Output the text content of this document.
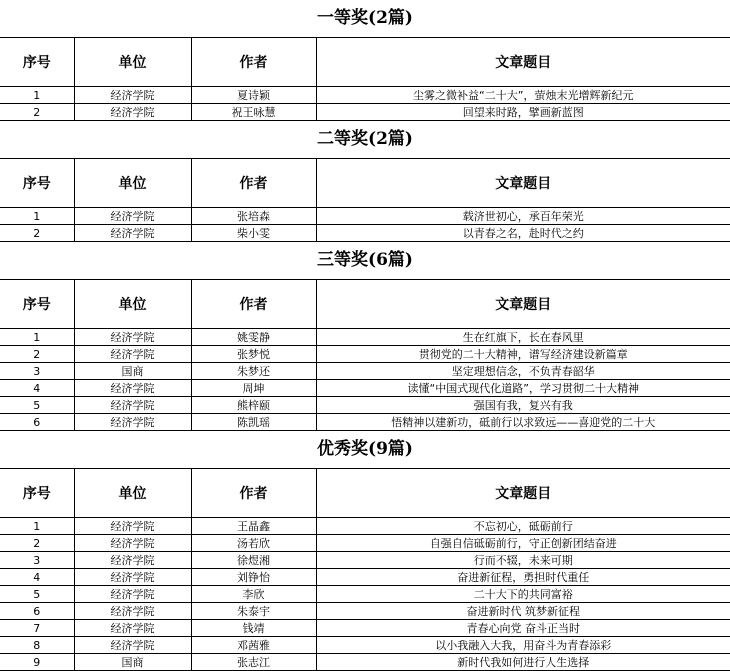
一等奖(2篇)
序号	单位	作者	文章题目
1	经济学院	夏诗颖	尘雾之微补益“二十大”，萤烛末光增辉新纪元
2	经济学院	祝王咏慧	回望来时路，擘画新蓝图
二等奖(2篇)
序号	单位	作者	文章题目
1	经济学院	张培森	载济世初心，承百年荣光
2	经济学院	柴小雯	以青春之名，赴时代之约
三等奖(6篇)
序号	单位	作者	文章题目
1	经济学院	姚雯静	生在红旗下，长在春风里
2	经济学院	张梦悦	贯彻党的二十大精神，谱写经济建设新篇章
3	国商	朱梦还	坚定理想信念，不负青春韶华
4	经济学院	周坤	读懂“中国式现代化道路”，学习贯彻二十大精神
5	经济学院	熊梓颐	强国有我，复兴有我
6	经济学院	陈凯瑶	悟精神以建新功，砥前行以求致远——喜迎党的二十大
优秀奖(9篇)
序号	单位	作者	文章题目
1	经济学院	王晶鑫	不忘初心，砥砺前行
2	经济学院	汤若欣	自强自信砥砺前行，守正创新团结奋进
3	经济学院	徐煜湘	行而不辍，未来可期
4	经济学院	刘铮怡	奋进新征程，勇担时代重任
5	经济学院	李欣	二十大下的共同富裕
6	经济学院	朱泰宇	奋进新时代 筑梦新征程
7	经济学院	钱靖	青春心向党 奋斗正当时
8	经济学院	邓茜雅	以小我融入大我，用奋斗为青春添彩
9	国商	张志江	新时代我如何进行人生选择
